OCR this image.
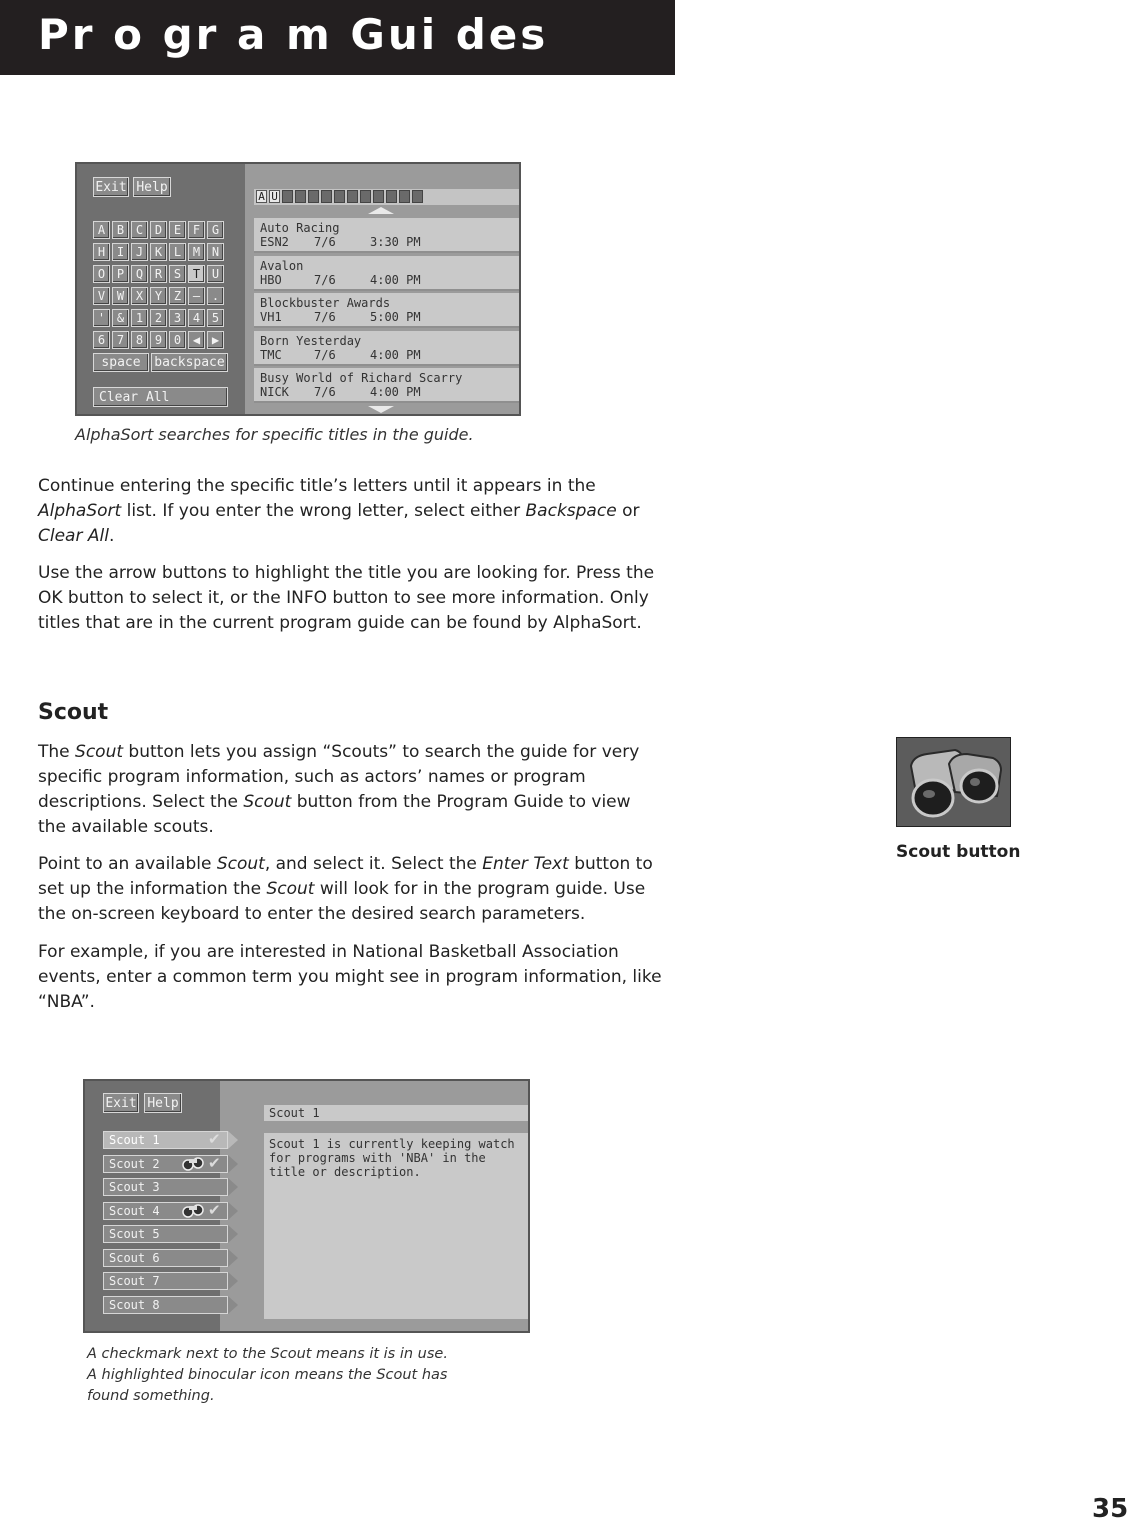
Pr o gr a m Gui des
Exit Help
A B C D E F G
H I J K L M N
O P Q R S T U
V W X Y Z – .
' & 1 2 3 4 5
6 7 8 9 0 ◀ ▶
space	backspace
Clear All
A U
Auto Racing
ESN2	7/6	3:30 PM
Avalon
HBO	7/6	4:00 PM
Blockbuster Awards
VH1	7/6	5:00 PM
Born Yesterday
TMC	7/6	4:00 PM
Busy World of Richard Scarry
NICK	7/6	4:00 PM
AlphaSort searches for specific titles in the guide.

Continue entering the specific title’s letters until it appears in the AlphaSort list. If you enter the wrong letter, select either Backspace or Clear All.

Use the arrow buttons to highlight the title you are looking for. Press the OK button to select it, or the INFO button to see more information. Only titles that are in the current program guide can be found by AlphaSort.

Scout

The Scout button lets you assign “Scouts” to search the guide for very specific program information, such as actors’ names or program descriptions. Select the Scout button from the Program Guide to view the available scouts.

Point to an available Scout, and select it. Select the Enter Text button to set up the information the Scout will look for in the program guide. Use the on-screen keyboard to enter the desired search parameters.

For example, if you are interested in National Basketball Association events, enter a common term you might see in program information, like “NBA”.

Scout button
Exit Help
Scout 1	✔
Scout 2	✔
Scout 3
Scout 4	✔
Scout 5
Scout 6
Scout 7
Scout 8
Scout 1
Scout 1 is currently keeping watch
for programs with 'NBA' in the
title or description.
A checkmark next to the Scout means it is in use.
A highlighted binocular icon means the Scout has
found something.
35
